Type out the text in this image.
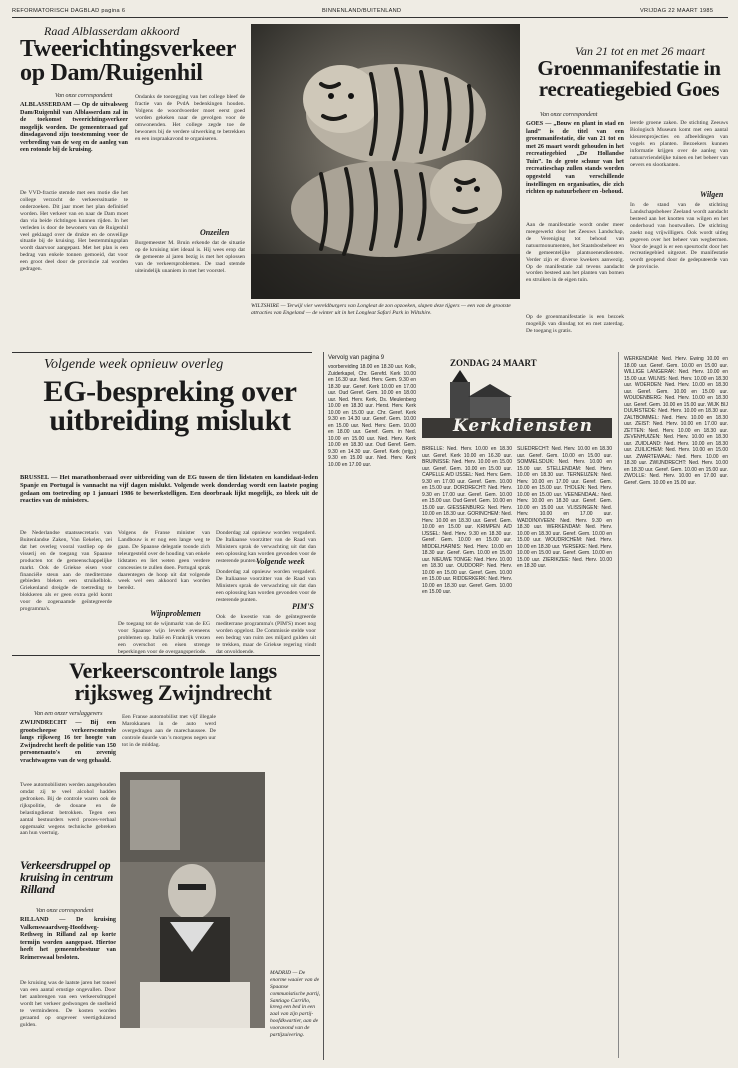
REFORMATORISCH DAGBLAD pagina 6	BINNENLAND/BUITENLAND	VRIJDAG 22 MAART 1985
Raad Alblasserdam akkoord
Tweerichtingsverkeer op Dam/Ruigenhil
Van onze correspondent
ALBLASSERDAM — Op de uitvalsweg Dam/Ruigenhil van Alblasserdam zal in de toekomst tweerichtingsverkeer mogelijk worden. De gemeenteraad gaf dinsdagavond zijn toestemming voor de verbreding van de weg en de aanleg van een rotonde bij de kruising.
De VVD-fractie stemde met een motie die het college verzocht de verkeerssituatie te onderzoeken. Dit jaar moet het plan definitief worden. Het verkeer van en naar de Dam moet dan via beide richtingen kunnen rijden. In het verleden is door de bewoners van de Ruigenhil veel geklaagd over de drukte en de onveilige situatie bij de kruising. Het bestemmingsplan wordt daarvoor aangepast. Met het plan is een bedrag van enkele tonnen gemoeid, dat voor een groot deel door de provincie zal worden gedragen.
Ondanks de toezegging van het college bleef de fractie van de PvdA bedenkingen houden. Volgens de woordvoerder moet eerst goed worden gekeken naar de gevolgen voor de omwonenden. Het college zegde toe de bewoners bij de verdere uitwerking te betrekken en een inspraakavond te organiseren.
Onzeilen
Burgemeester M. Bruin erkende dat de situatie op de kruising niet ideaal is. Hij wees erop dat de gemeente al jaren bezig is met het oplossen van de verkeersproblemen. De raad stemde uiteindelijk unaniem in met het voorstel.
WILTSHIRE — Terwijl vier wereldburgers van Longleat de zon opzoeken, slapen deze tijgers — een van de grootste attracties van Engeland — de winter uit in het Longleat Safari Park in Wiltshire.
Van 21 tot en met 26 maart
Groenmanifestatie in recreatiegebied Goes
Van onze correspondent
GOES — „Bouw en plant in stad en land” is de titel van een groenmanifestatie, die van 21 tot en met 26 maart wordt gehouden in het recreatiegebied „De Hollandse Tuin”. In de grote schuur van het recreatieschap zullen stands worden opgesteld van verschillende instellingen en organisaties, die zich richten op natuurbeheer en -behoud.
Aan de manifestatie wordt onder meer meegewerkt door het Zeeuws Landschap, de Vereniging tot behoud van natuurmonumenten, het Staatsbosbeheer en de gemeentelijke plantsoenendiensten. Verder zijn er diverse kwekers aanwezig. Op de manifestatie zal tevens aandacht worden besteed aan het planten van bomen en struiken in de eigen tuin.
Op de groenmanifestatie is een bezoek mogelijk van dinsdag tot en met zaterdag. De toegang is gratis.
leerde groene zaken. De stichting Zeeuws Biologisch Museum komt met een aantal kleurenprojecties en afbeeldingen van vogels en planten. Bezoekers kunnen informatie krijgen over de aanleg van natuurvriendelijke tuinen en het beheer van oevers en slootkanten.
Wilgen
In de stand van de stichting Landschapsbeheer Zeeland wordt aandacht besteed aan het knotten van wilgen en het onderhoud van houtwallen. De stichting zoekt nog vrijwilligers. Ook wordt uitleg gegeven over het beheer van wegbermen. Voor de jeugd is er een speurtocht door het recreatiegebied uitgezet. De manifestatie wordt geopend door de gedeputeerde van de provincie.
Volgende week opnieuw overleg
EG-bespreking over uitbreiding mislukt
BRUSSEL — Het marathonberaad over uitbreiding van de EG tussen de tien lidstaten en kandidaat-leden Spanje en Portugal is vannacht na vijf dagen mislukt. Volgende week donderdag wordt een laatste poging gedaan om toetreding op 1 januari 1986 te bewerkstelligen. Een doorbraak lijkt mogelijk, zo bleek uit de reacties van de ministers.
De Nederlandse staatssecretaris van Buitenlandse Zaken, Van Eekelen, zei dat het overleg vooral vastliep op de visserij en de toegang van Spaanse producten tot de gemeenschappelijke markt. Ook de Griekse eisen voor financiële steun aan de mediterrane gebieden bleken een struikelblok. Griekenland dreigde de toetreding te blokkeren als er geen extra geld komt voor de zogenaamde geïntegreerde programma's.
Volgens de Franse minister van Landbouw is er nog een lange weg te gaan. De Spaanse delegatie toonde zich teleurgesteld over de houding van enkele lidstaten en liet weten geen verdere concessies te zullen doen. Portugal sprak daarentegen de hoop uit dat volgende week wel een akkoord kan worden bereikt.
Wijnproblemen
De toegang tot de wijnmarkt van de EG voor Spaanse wijn leverde eveneens problemen op. Italië en Frankrijk vrezen een overschot en eisen strenge beperkingen voor de overgangsperiode.
Donderdag zal opnieuw worden vergaderd. De Italiaanse voorzitter van de Raad van Ministers sprak de verwachting uit dat dan een oplossing kan worden gevonden voor de resterende punten.
Volgende week
Donderdag zal opnieuw worden vergaderd. De Italiaanse voorzitter van de Raad van Ministers sprak de verwachting uit dat dan een oplossing kan worden gevonden voor de resterende punten.
PIM'S
Ook de kwestie van de geïntegreerde mediterrane programma's (PIM'S) moet nog worden opgelost. De Commissie stelde voor een bedrag van ruim zes miljard gulden uit te trekken, maar de Griekse regering vindt dat onvoldoende.
Verkeerscontrole langs rijksweg Zwijndrecht
Van een onzer verslaggevers
ZWIJNDRECHT — Bij een grootscheepse verkeerscontrole langs rijksweg 16 ter hoogte van Zwijndrecht heeft de politie van 150 personenauto's en zevenig vrachtwagens van de weg gehaald.
Twee automobilisten werden aangehouden omdat zij te veel alcohol hadden gedronken. Bij de controle waren ook de rijkspolitie, de douane en de belastingdienst betrokken. Tegen een aantal bestuurders werd proces-verbaal opgemaakt wegens technische gebreken aan hun voertuig.
Een Franse automobilist met vijf illegale Marokkanen in de auto werd overgedragen aan de marechaussee. De controle duurde van 's morgens negen uur tot in de middag.
MADRID — De enorme waaier van de Spaanse communistische partij, Santiago Carrillo, kreeg een bed in een zaal van zijn partij-hoofdkwartier, aan de vooravond van de partijzuivering.
Verkeersdruppel op kruising in centrum Rilland
Van onze correspondent
RILLAND — De kruising Valkenswaardweg-Hoofdweg-Rethweg in Rilland zal op korte termijn worden aangepast. Hiertoe heeft het gemeentebestuur van Reimerswaal besloten.
De kruising was de laatste jaren het toneel van een aantal ernstige ongevallen. Door het aanbrengen van een verkeersdruppel wordt het verkeer gedwongen de snelheid te verminderen. De kosten worden geraamd op ongeveer veertigduizend gulden.
Vervolg van pagina 9
voorbereiding 18.00 en 18.30 uur. Kolk, Zuiderkapel, Chr. Gerefd. Kerk 10.00 en 16.30 uur. Ned. Herv. Gem. 9.30 en 18.30 uur. Geref. Kerk 10.00 en 17.00 uur. Oud Geref. Gem. 10.00 en 18.00 uur. Ned. Herv. Kerk, Ds. Meulenberg 10.00 en 18.30 uur. Herst. Herv. Kerk 10.00 en 15.00 uur. Chr. Geref. Kerk 9.30 en 14.30 uur. Geref. Gem. 10.00 en 15.00 uur. Ned. Herv. Gem. 10.00 en 18.00 uur. Geref. Gem. in Ned. 10.00 en 15.00 uur. Ned. Herv. Kerk 10.00 en 18.30 uur. Oud Geref. Gem. 9.30 en 14.30 uur. Geref. Kerk (vrijg.) 9.30 en 15.00 uur. Ned. Herv. Kerk 10.00 en 17.00 uur.
ZONDAG 24 MAART
Kerkdiensten
BRIELLE: Ned. Herv. 10.00 en 18.30 uur. Geref. Kerk 10.00 en 16.30 uur. BRUINISSE: Ned. Herv. 10.00 en 15.00 uur. Geref. Gem. 10.00 en 15.00 uur. CAPELLE A/D IJSSEL: Ned. Herv. Gem. 9.30 en 17.00 uur. Geref. Gem. 10.00 en 15.00 uur. DORDRECHT: Ned. Herv. 9.30 en 17.00 uur. Geref. Gem. 10.00 en 15.00 uur. Oud Geref. Gem. 10.00 en 15.00 uur. GIESSENBURG: Ned. Herv. 10.00 en 18.30 uur. GORINCHEM: Ned. Herv. 10.00 en 18.30 uur. Geref. Gem. 10.00 en 15.00 uur. KRIMPEN A/D IJSSEL: Ned. Herv. 9.30 en 18.30 uur. Geref. Gem. 10.00 en 15.00 uur. MIDDELHARNIS: Ned. Herv. 10.00 en 18.30 uur. Geref. Gem. 10.00 en 15.00 uur. NIEUWE TONGE: Ned. Herv. 10.00 en 18.30 uur. OUDDORP: Ned. Herv. 10.00 en 15.00 uur. Geref. Gem. 10.00 en 15.00 uur. RIDDERKERK: Ned. Herv. 10.00 en 18.30 uur. Geref. Gem. 10.00 en 15.00 uur.
SLIEDRECHT: Ned. Herv. 10.00 en 18.30 uur. Geref. Gem. 10.00 en 15.00 uur. SOMMELSDIJK: Ned. Herv. 10.00 en 15.00 uur. STELLENDAM: Ned. Herv. 10.00 en 18.30 uur. TERNEUZEN: Ned. Herv. 10.00 en 17.00 uur. Geref. Gem. 10.00 en 15.00 uur. THOLEN: Ned. Herv. 10.00 en 15.00 uur. VEENENDAAL: Ned. Herv. 10.00 en 18.30 uur. Geref. Gem. 10.00 en 15.00 uur. VLISSINGEN: Ned. Herv. 10.00 en 17.00 uur. WADDINXVEEN: Ned. Herv. 9.30 en 18.30 uur. WERKENDAM: Ned. Herv. 10.00 en 18.30 uur. Geref. Gem. 10.00 en 15.00 uur. WOUDRICHEM: Ned. Herv. 10.00 en 18.30 uur. YERSEKE: Ned. Herv. 10.00 en 15.00 uur. Geref. Gem. 10.00 en 15.00 uur. ZIERIKZEE: Ned. Herv. 10.00 en 18.30 uur.
WERKENDAM: Ned. Herv. Ewing 10.00 en 18.00 uur. Geref. Gem. 10.00 en 15.00 uur. WILLIGE LANGERAK: Ned. Herv. 10.00 en 15.00 uur. WILNIS: Ned. Herv. 10.00 en 18.30 uur. WOERDEN: Ned. Herv. 10.00 en 18.30 uur. Geref. Gem. 10.00 en 15.00 uur. WOUDENBERG: Ned. Herv. 10.00 en 18.30 uur. Geref. Gem. 10.00 en 15.00 uur. WIJK BIJ DUURSTEDE: Ned. Herv. 10.00 en 18.30 uur. ZALTBOMMEL: Ned. Herv. 10.00 en 18.30 uur. ZEIST: Ned. Herv. 10.00 en 17.00 uur. ZETTEN: Ned. Herv. 10.00 en 18.30 uur. ZEVENHUIZEN: Ned. Herv. 10.00 en 18.30 uur. ZUIDLAND: Ned. Herv. 10.00 en 18.30 uur. ZUILICHEM: Ned. Herv. 10.00 en 15.00 uur. ZWARTEWAAL: Ned. Herv. 10.00 en 18.30 uur. ZWIJNDRECHT: Ned. Herv. 10.00 en 18.30 uur. Geref. Gem. 10.00 en 15.00 uur. ZWOLLE: Ned. Herv. 10.00 en 17.00 uur. Geref. Gem. 10.00 en 15.00 uur.
